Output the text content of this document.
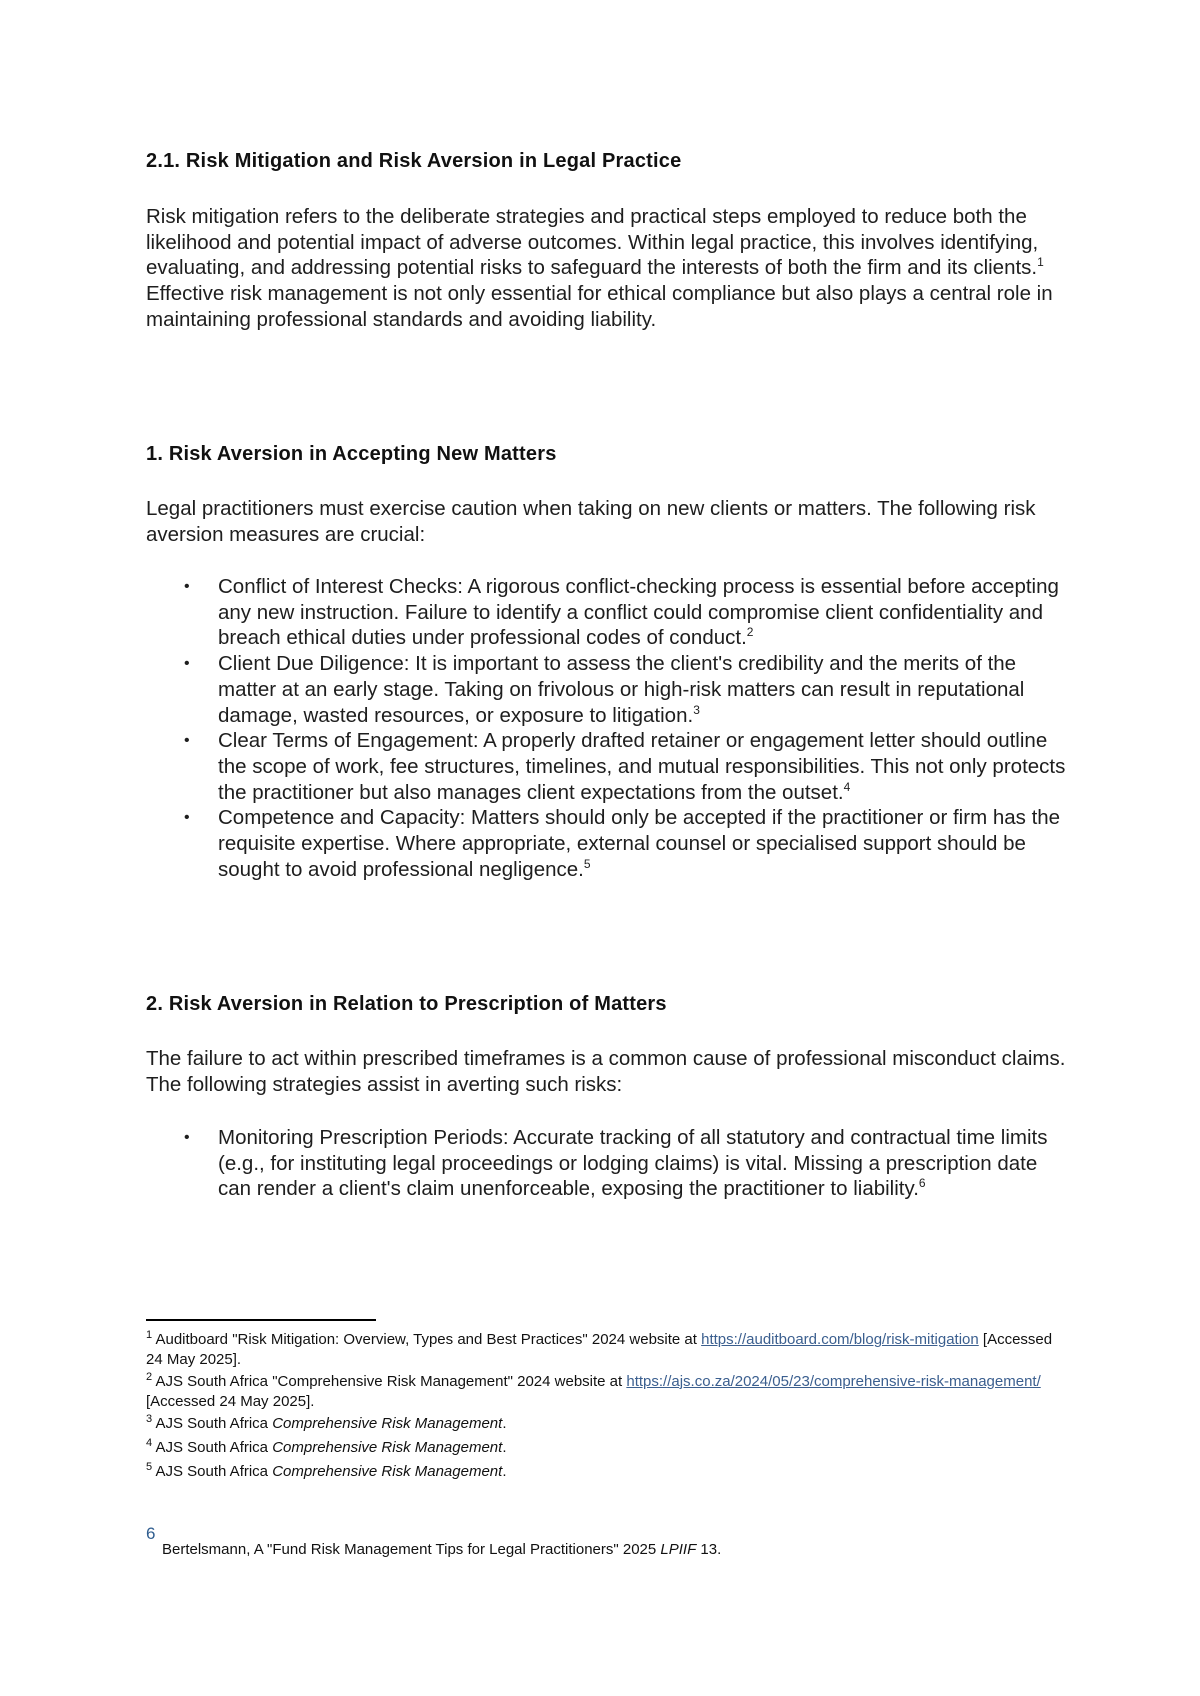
2.1. Risk Mitigation and Risk Aversion in Legal Practice

Risk mitigation refers to the deliberate strategies and practical steps employed to reduce both the likelihood and potential impact of adverse outcomes. Within legal practice, this involves identifying, evaluating, and addressing potential risks to safeguard the interests of both the firm and its clients.$^1$ Effective risk management is not only essential for ethical compliance but also plays a central role in maintaining professional standards and avoiding liability.

1. Risk Aversion in Accepting New Matters

Legal practitioners must exercise caution when taking on new clients or matters. The following risk aversion measures are crucial:

• Conflict of Interest Checks: A rigorous conflict-checking process is essential before accepting any new instruction. Failure to identify a conflict could compromise client confidentiality and breach ethical duties under professional codes of conduct.$^2$
• Client Due Diligence: It is important to assess the client's credibility and the merits of the matter at an early stage. Taking on frivolous or high-risk matters can result in reputational damage, wasted resources, or exposure to litigation.$^3$
• Clear Terms of Engagement: A properly drafted retainer or engagement letter should outline the scope of work, fee structures, timelines, and mutual responsibilities. This not only protects the practitioner but also manages client expectations from the outset.$^4$
• Competence and Capacity: Matters should only be accepted if the practitioner or firm has the requisite expertise. Where appropriate, external counsel or specialised support should be sought to avoid professional negligence.$^5$
2. Risk Aversion in Relation to Prescription of Matters

The failure to act within prescribed timeframes is a common cause of professional misconduct claims. The following strategies assist in averting such risks:

• Monitoring Prescription Periods: Accurate tracking of all statutory and contractual time limits (e.g., for instituting legal proceedings or lodging claims) is vital. Missing a prescription date can render a client's claim unenforceable, exposing the practitioner to liability.$^6$
$^1$ Auditboard "Risk Mitigation: Overview, Types and Best Practices" 2024 website at https://auditboard.com/blog/risk-mitigation [Accessed 24 May 2025].
$^2$ AJS South Africa "Comprehensive Risk Management" 2024 website at https://ajs.co.za/2024/05/23/comprehensive-risk-management/ [Accessed 24 May 2025].
$^3$ AJS South Africa Comprehensive Risk Management.
$^4$ AJS South Africa Comprehensive Risk Management.
$^5$ AJS South Africa Comprehensive Risk Management.
6
Bertelsmann, A "Fund Risk Management Tips for Legal Practitioners" 2025 LPIIF 13.
